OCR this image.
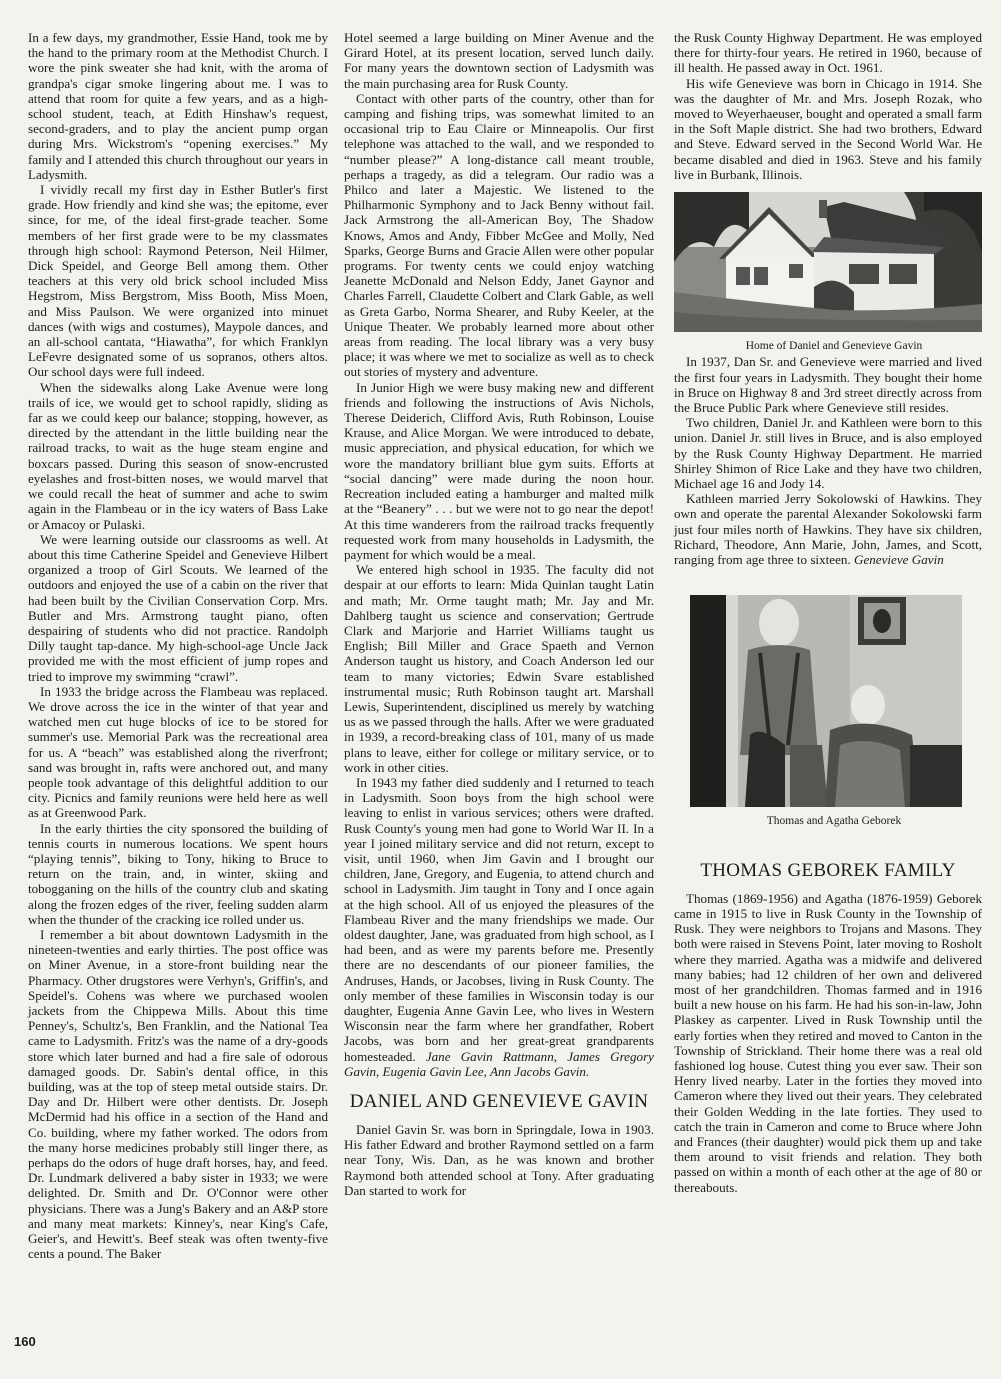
In a few days, my grandmother, Essie Hand, took me by the hand to the primary room at the Methodist Church. I wore the pink sweater she had knit, with the aroma of grandpa's cigar smoke lingering about me. I was to attend that room for quite a few years, and as a high-school student, teach, at Edith Hinshaw's request, second-graders, and to play the ancient pump organ during Mrs. Wickstrom's “opening exercises.” My family and I attended this church throughout our years in Ladysmith.

I vividly recall my first day in Esther Butler's first grade. How friendly and kind she was; the epitome, ever since, for me, of the ideal first-grade teacher. Some members of her first grade were to be my classmates through high school: Raymond Peterson, Neil Hilmer, Dick Speidel, and George Bell among them. Other teachers at this very old brick school included Miss Hegstrom, Miss Bergstrom, Miss Booth, Miss Moen, and Miss Paulson. We were organized into minuet dances (with wigs and costumes), Maypole dances, and an all-school cantata, “Hiawatha”, for which Franklyn LeFevre designated some of us sopranos, others altos. Our school days were full indeed.

When the sidewalks along Lake Avenue were long trails of ice, we would get to school rapidly, sliding as far as we could keep our balance; stopping, however, as directed by the attendant in the little building near the railroad tracks, to wait as the huge steam engine and boxcars passed. During this season of snow-encrusted eyelashes and frost-bitten noses, we would marvel that we could recall the heat of summer and ache to swim again in the Flambeau or in the icy waters of Bass Lake or Amacoy or Pulaski.

We were learning outside our classrooms as well. At about this time Catherine Speidel and Genevieve Hilbert organized a troop of Girl Scouts. We learned of the outdoors and enjoyed the use of a cabin on the river that had been built by the Civilian Conservation Corp. Mrs. Butler and Mrs. Armstrong taught piano, often despairing of students who did not practice. Randolph Dilly taught tap-dance. My high-school-age Uncle Jack provided me with the most efficient of jump ropes and tried to improve my swimming “crawl”.

In 1933 the bridge across the Flambeau was replaced. We drove across the ice in the winter of that year and watched men cut huge blocks of ice to be stored for summer's use. Memorial Park was the recreational area for us. A “beach” was established along the riverfront; sand was brought in, rafts were anchored out, and many people took advantage of this delightful addition to our city. Picnics and family reunions were held here as well as at Greenwood Park.

In the early thirties the city sponsored the building of tennis courts in numerous locations. We spent hours “playing tennis”, biking to Tony, hiking to Bruce to return on the train, and, in winter, skiing and tobogganing on the hills of the country club and skating along the frozen edges of the river, feeling sudden alarm when the thunder of the cracking ice rolled under us.

I remember a bit about downtown Ladysmith in the nineteen-twenties and early thirties. The post office was on Miner Avenue, in a store-front building near the Pharmacy. Other drugstores were Verhyn's, Griffin's, and Speidel's. Cohens was where we purchased woolen jackets from the Chippewa Mills. About this time Penney's, Schultz's, Ben Franklin, and the National Tea came to Ladysmith. Fritz's was the name of a dry-goods store which later burned and had a fire sale of odorous damaged goods. Dr. Sabin's dental office, in this building, was at the top of steep metal outside stairs. Dr. Day and Dr. Hilbert were other dentists. Dr. Joseph McDermid had his office in a section of the Hand and Co. building, where my father worked. The odors from the many horse medicines probably still linger there, as perhaps do the odors of huge draft horses, hay, and feed. Dr. Lundmark delivered a baby sister in 1933; we were delighted. Dr. Smith and Dr. O'Connor were other physicians. There was a Jung's Bakery and an A&P store and many meat markets: Kinney's, near King's Cafe, Geier's, and Hewitt's. Beef steak was often twenty-five cents a pound. The Baker

Hotel seemed a large building on Miner Avenue and the Girard Hotel, at its present location, served lunch daily. For many years the downtown section of Ladysmith was the main purchasing area for Rusk County.

Contact with other parts of the country, other than for camping and fishing trips, was somewhat limited to an occasional trip to Eau Claire or Minneapolis. Our first telephone was attached to the wall, and we responded to “number please?” A long-distance call meant trouble, perhaps a tragedy, as did a telegram. Our radio was a Philco and later a Majestic. We listened to the Philharmonic Symphony and to Jack Benny without fail. Jack Armstrong the all-American Boy, The Shadow Knows, Amos and Andy, Fibber McGee and Molly, Ned Sparks, George Burns and Gracie Allen were other popular programs. For twenty cents we could enjoy watching Jeanette McDonald and Nelson Eddy, Janet Gaynor and Charles Farrell, Claudette Colbert and Clark Gable, as well as Greta Garbo, Norma Shearer, and Ruby Keeler, at the Unique Theater. We probably learned more about other areas from reading. The local library was a very busy place; it was where we met to socialize as well as to check out stories of mystery and adventure.

In Junior High we were busy making new and different friends and following the instructions of Avis Nichols, Therese Deiderich, Clifford Avis, Ruth Robinson, Louise Krause, and Alice Morgan. We were introduced to debate, music appreciation, and physical education, for which we wore the mandatory brilliant blue gym suits. Efforts at “social dancing” were made during the noon hour. Recreation included eating a hamburger and malted milk at the “Beanery” . . . but we were not to go near the depot! At this time wanderers from the railroad tracks frequently requested work from many households in Ladysmith, the payment for which would be a meal.

We entered high school in 1935. The faculty did not despair at our efforts to learn: Mida Quinlan taught Latin and math; Mr. Orme taught math; Mr. Jay and Mr. Dahlberg taught us science and conservation; Gertrude Clark and Marjorie and Harriet Williams taught us English; Bill Miller and Grace Spaeth and Vernon Anderson taught us history, and Coach Anderson led our team to many victories; Edwin Svare established instrumental music; Ruth Robinson taught art. Marshall Lewis, Superintendent, disciplined us merely by watching us as we passed through the halls. After we were graduated in 1939, a record-breaking class of 101, many of us made plans to leave, either for college or military service, or to work in other cities.

In 1943 my father died suddenly and I returned to teach in Ladysmith. Soon boys from the high school were leaving to enlist in various services; others were drafted. Rusk County's young men had gone to World War II. In a year I joined military service and did not return, except to visit, until 1960, when Jim Gavin and I brought our children, Jane, Gregory, and Eugenia, to attend church and school in Ladysmith. Jim taught in Tony and I once again at the high school. All of us enjoyed the pleasures of the Flambeau River and the many friendships we made. Our oldest daughter, Jane, was graduated from high school, as I had been, and as were my parents before me. Presently there are no descendants of our pioneer families, the Andruses, Hands, or Jacobses, living in Rusk County. The only member of these families in Wisconsin today is our daughter, Eugenia Anne Gavin Lee, who lives in Western Wisconsin near the farm where her grandfather, Robert Jacobs, was born and her great-great grandparents homesteaded. Jane Gavin Rattmann, James Gregory Gavin, Eugenia Gavin Lee, Ann Jacobs Gavin.

DANIEL AND GENEVIEVE GAVIN

Daniel Gavin Sr. was born in Springdale, Iowa in 1903. His father Edward and brother Raymond settled on a farm near Tony, Wis. Dan, as he was known and brother Raymond both attended school at Tony. After graduating Dan started to work for

the Rusk County Highway Department. He was employed there for thirty-four years. He retired in 1960, because of ill health. He passed away in Oct. 1961.

His wife Genevieve was born in Chicago in 1914. She was the daughter of Mr. and Mrs. Joseph Rozak, who moved to Weyerhaeuser, bought and operated a small farm in the Soft Maple district. She had two brothers, Edward and Steve. Edward served in the Second World War. He became disabled and died in 1963. Steve and his family live in Burbank, Illinois.

Home of Daniel and Genevieve Gavin

In 1937, Dan Sr. and Genevieve were married and lived the first four years in Ladysmith. They bought their home in Bruce on Highway 8 and 3rd street directly across from the Bruce Public Park where Genevieve still resides.

Two children, Daniel Jr. and Kathleen were born to this union. Daniel Jr. still lives in Bruce, and is also employed by the Rusk County Highway Department. He married Shirley Shimon of Rice Lake and they have two children, Michael age 16 and Jody 14.

Kathleen married Jerry Sokolowski of Hawkins. They own and operate the parental Alexander Sokolowski farm just four miles north of Hawkins. They have six children, Richard, Theodore, Ann Marie, John, James, and Scott, ranging from age three to sixteen. Genevieve Gavin

Thomas and Agatha Geborek

THOMAS GEBOREK FAMILY

Thomas (1869-1956) and Agatha (1876-1959) Geborek came in 1915 to live in Rusk County in the Township of Rusk. They were neighbors to Trojans and Masons. They both were raised in Stevens Point, later moving to Rosholt where they married. Agatha was a midwife and delivered many babies; had 12 children of her own and delivered most of her grandchildren. Thomas farmed and in 1916 built a new house on his farm. He had his son-in-law, John Plaskey as carpenter. Lived in Rusk Township until the early forties when they retired and moved to Canton in the Township of Strickland. Their home there was a real old fashioned log house. Cutest thing you ever saw. Their son Henry lived nearby. Later in the forties they moved into Cameron where they lived out their years. They celebrated their Golden Wedding in the late forties. They used to catch the train in Cameron and come to Bruce where John and Frances (their daughter) would pick them up and take them around to visit friends and relation. They both passed on within a month of each other at the age of 80 or thereabouts.

160
